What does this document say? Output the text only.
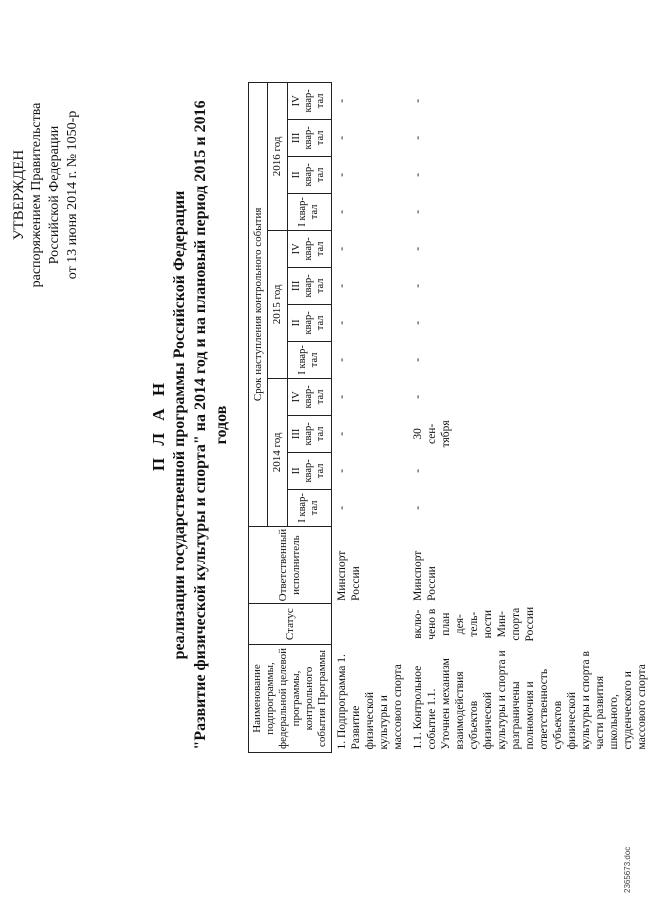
УТВЕРЖДЕН распоряжением Правительства Российской Федерации от 13 июня 2014 г. № 1050-р
П Л А Н реализации государственной программы Российской Федерации "Развитие физической культуры и спорта" на 2014 год и на плановый период 2015 и 2016 годов
Наименование подпрограммы, федеральной целевой программы, контрольного события Программы	Статус	Ответственный исполнитель	Срок наступления контрольного события											
			2014 год				2015 год				2016 год			
			I квар-тал	II квар-тал	III квар-тал	IV квар-тал	I квар-тал	II квар-тал	III квар-тал	IV квар-тал	I квар-тал	II квар-тал	III квар-тал	IV квар-тал
1. Подпрограмма 1. Развитие физической культуры и массового спорта		Минспорт России	-	-	-	-	-	-	-	-	-	-	-	-
1.1. Контрольное событие 1.1. Уточнен механизм взаимодействия субъектов физической культуры и спорта и разграничены полномочия и ответственность субъектов физической культуры и спорта в части развития школьного, студенческого и массового спорта	вклю-чено в план дея-тель-ности Мин-спорта России	Минспорт России	-	-	30 сен-тября	-	-	-	-	-	-	-	-	-
2365673.doc
